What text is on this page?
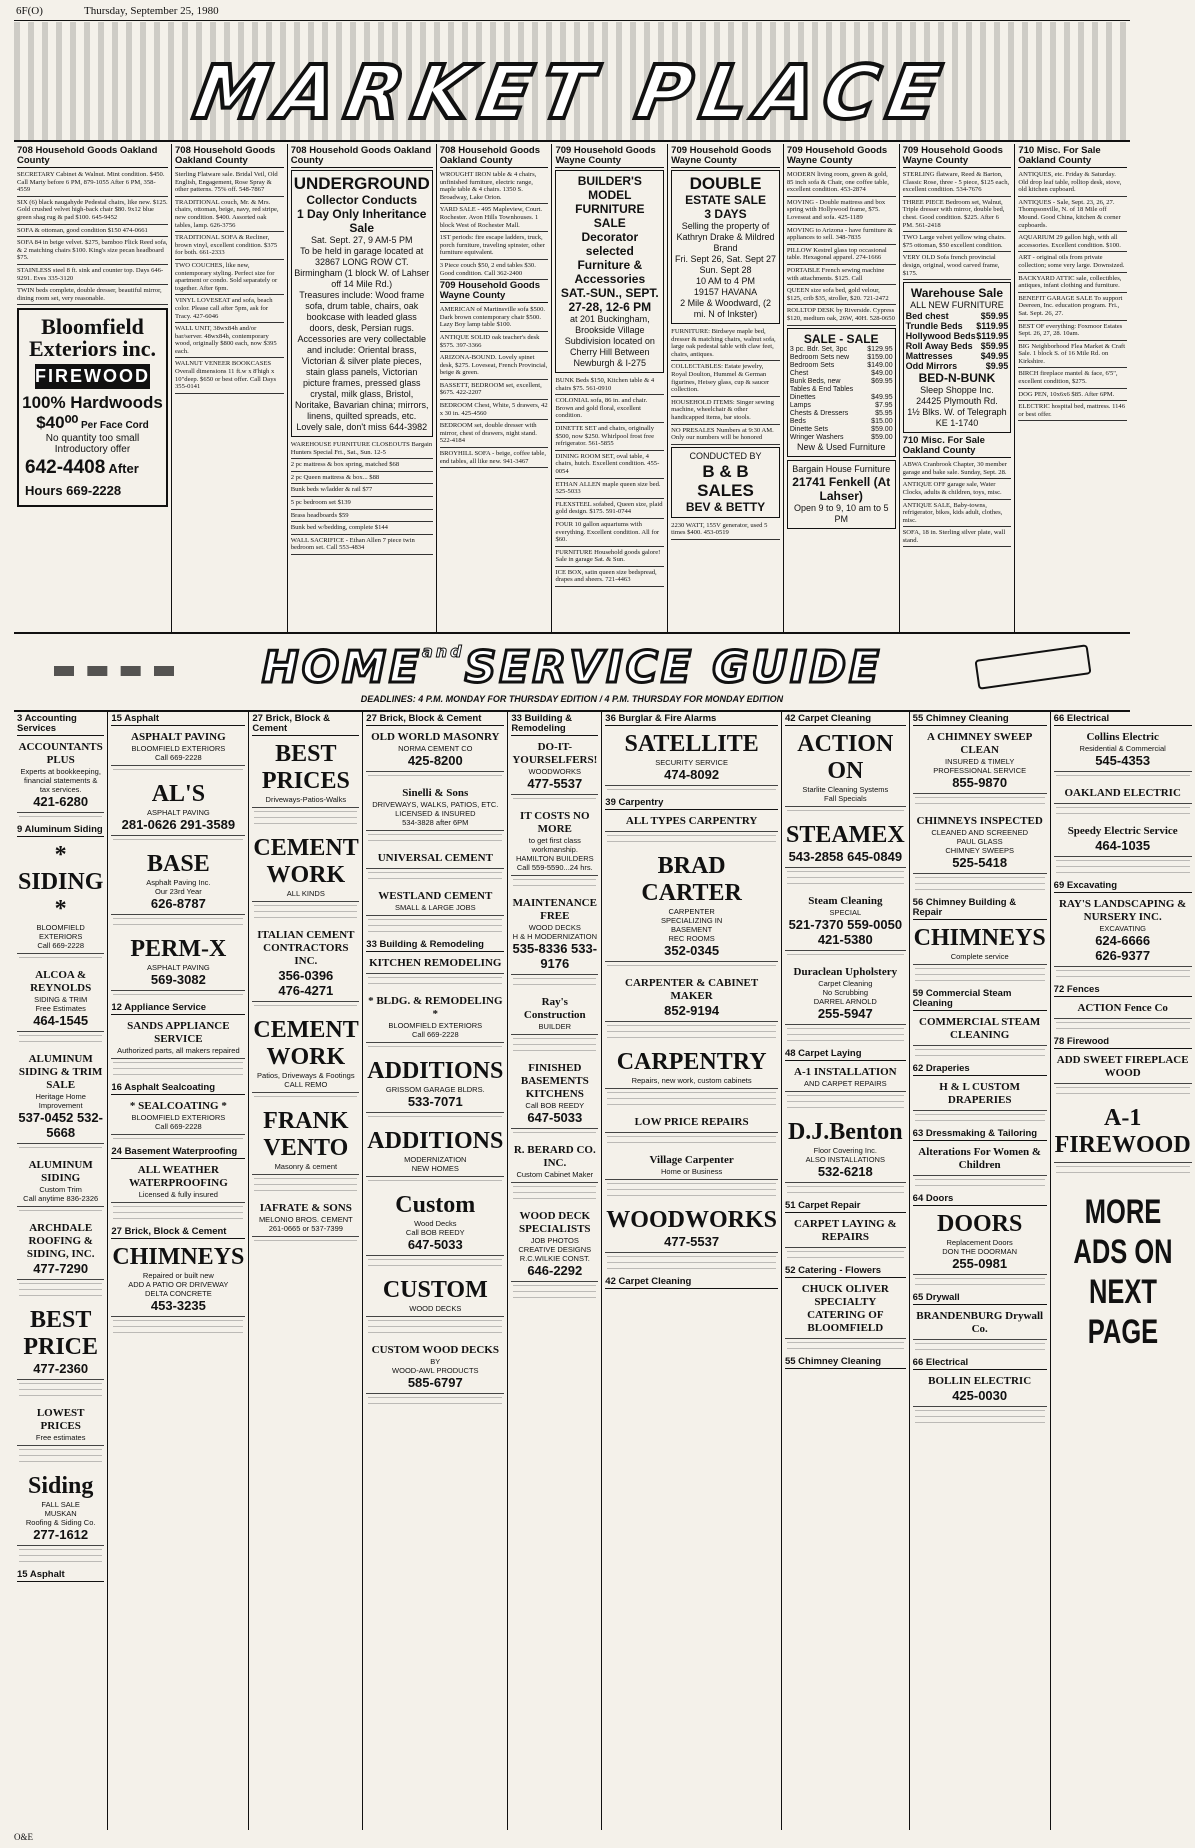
6F(O)	Thursday, September 25, 1980
MARKET PLACE
708 Household Goods Oakland County
SECRETARY Cabinet & Walnut. Mint condition. $450. Call Marty before 6 PM, 879-1055 After 6 PM, 358-4559
SIX (6) black naugahyde Pedestal chairs, like new. $125. Gold crushed velvet high-back chair $80. 9x12 blue green shag rug & pad $100. 645-9452
SOFA & ottoman, good condition $150 474-0661
SOFA 84 in beige velvet. $275, bamboo Flick Reed sofa, & 2 matching chairs $100. King's size pecan headboard $75.
STAINLESS steel 8 ft. sink and counter top. Days 646-9291. Eves 335-3120
TWIN beds complete, double dresser, beautiful mirror, dining room set, very reasonable.
Bloomfield Exteriors inc.
FIREWOOD
100% Hardwoods
$40⁰⁰ Per Face Cord
No quantity too small
Introductory offer
642-4408 After Hours 669-2228
708 Household Goods Oakland County
Sterling Flatware sale. Bridal Veil, Old English, Engagement, Rose Spray & other patterns. 75% off. 548-7867
TRADITIONAL couch, Mr. & Mrs. chairs, ottoman, beige, navy, red stripe, new condition. $400. Assorted oak tables, lamp. 626-3756
TRADITIONAL SOFA & Recliner, brown vinyl, excellent condition. $375 for both. 661-2333
TWO COUCHES, like new, contemporary styling. Perfect size for apartment or condo. Sold separately or together. After 6pm.
VINYL LOVESEAT and sofa, beach color. Please call after 5pm, ask for Tracy. 427-6046
WALL UNIT, 38wx84h and/or bar/server. 48wx84h, contemporary wood, originally $800 each, now $395 each.
WALNUT VENEER BOOKCASES Overall dimensions 11 ft.w x 8'high x 10"deep. $650 or best offer. Call Days 355-0141
708 Household Goods Oakland County
UNDERGROUND
Collector Conducts
1 Day Only Inheritance Sale
Sat. Sept. 27, 9 AM-5 PM
To be held in garage located at 32867 LONG ROW CT. Birmingham (1 block W. of Lahser off 14 Mile Rd.)
Treasures include: Wood frame sofa, drum table, chairs, oak bookcase with leaded glass doors, desk, Persian rugs. Accessories are very collectable and include: Oriental brass, Victorian & silver plate pieces, stain glass panels, Victorian picture frames, pressed glass crystal, milk glass, Bristol, Noritake, Bavarian china; mirrors, linens, quilted spreads, etc. Lovely sale, don't miss 644-3982
WAREHOUSE FURNITURE CLOSEOUTS Bargain Hunters Special Fri., Sat., Sun. 12-5
2 pc mattress & box spring, matched $68
2 pc Queen mattress & box... $88
Bunk beds w/ladder & rail $77
5 pc bedroom set $139
Brass headboards $59
Bunk bed w/bedding, complete $144
WALL SACRIFICE - Ethan Allen 7 piece twin bedroom set. Call 553-4834
708 Household Goods Oakland County
WROUGHT IRON table & 4 chairs, unfinished furniture, electric range, maple table & 4 chairs. 1350 S. Broadway, Lake Orion.
YARD SALE - 495 Mapleview, Court. Rochester. Avon Hills Townhouses. 1 block West of Rochester Mall.
1ST periods: fire escape ladders, truck, porch furniture, traveling spinster, other furniture equivalent.
3 Piece couch $50, 2 end tables $30. Good condition. Call 362-2400
709 Household Goods Wayne County
AMERICAN of Martinsville sofa $500. Dark brown contemporary chair $500. Lazy Boy lamp table $100.
ANTIQUE SOLID oak teacher's desk $575. 397-3366
ARIZONA-BOUND. Lovely spinet desk, $275. Loveseat, French Provincial, beige & green.
BASSETT, BEDROOM set, excellent, $675. 422-2207
BEDROOM Chest, White, 5 drawers, 42 x 30 in. 425-4560
BEDROOM set, double dresser with mirror, chest of drawers, night stand. 522-4184
BROYHILL SOFA - beige, coffee table, end tables, all like new. 941-3467
709 Household Goods Wayne County
BUILDER'S MODEL FURNITURE SALE
Decorator selected Furniture & Accessories
SAT.-SUN., SEPT. 27-28, 12-6 PM
at 201 Buckingham, Brookside Village Subdivision located on Cherry Hill Between Newburgh & I-275
BUNK Beds $150, Kitchen table & 4 chairs $75. 561-0910
COLONIAL sofa, 86 in. and chair. Brown and gold floral, excellent condition.
DINETTE SET and chairs, originally $500, now $250. Whirlpool frost free refrigerator. 561-5855
DINING ROOM SET, oval table, 4 chairs, hutch. Excellent condition. 455-0054
ETHAN ALLEN maple queen size bed. 525-5033
FLEXSTEEL sofabed, Queen size, plaid gold design. $175. 591-0744
FOUR 10 gallon aquariums with everything. Excellent condition. All for $60.
FURNITURE Household goods galore! Sale in garage Sat. & Sun.
ICE BOX, satin queen size bedspread, drapes and sheers. 721-4463
709 Household Goods Wayne County
DOUBLE
ESTATE SALE
3 DAYS
Selling the property of Kathryn Drake & Mildred Brand
Fri. Sept 26, Sat. Sept 27 Sun. Sept 28
10 AM to 4 PM
19157 HAVANA
2 Mile & Woodward, (2 mi. N of Inkster)
FURNITURE: Birdseye maple bed, dresser & matching chairs, walnut sofa, large oak pedestal table with claw feet, chairs, antiques.
COLLECTABLES: Estate jewelry, Royal Doulton, Hummel & German figurines, Heisey glass, cup & saucer collection.
HOUSEHOLD ITEMS: Singer sewing machine, wheelchair & other handicapped items, bar stools.
NO PRESALES Numbers at 9:30 AM. Only our numbers will be honored
CONDUCTED BY
B & B SALES
BEV & BETTY
2230 WATT, 155V generator, used 5 times $400. 453-0519
709 Household Goods Wayne County
MODERN living room, green & gold, 85 inch sofa & Chair, one coffee table, excellent condition. 453-2874
MOVING - Double mattress and box spring with Hollywood frame, $75. Loveseat and sofa. 425-1189
MOVING to Arizona - have furniture & appliances to sell. 348-7835
PILLOW Kestrel glass top occasional table. Hexagonal apparel. 274-1666
PORTABLE French sewing machine with attachments. $125. Call
QUEEN size sofa bed, gold velour, $125, crib $35, stroller, $20. 721-2472
ROLLTOP DESK by Riverside. Cypress $120, medium oak, 26W, 40H. 528-0650
SALE - SALE
3 pc. Bdr. Set, 3pc	$129.95
Bedroom Sets new	$159.00
Bedroom Sets	$149.00
Chest	$49.00
Bunk Beds, new	$69.95
Tables & End Tables
Dinettes	$49.95
Lamps	$7.95
Chests & Dressers	$5.95
Beds	$15.00
Dinette Sets	$59.00
Wringer Washers	$59.00
New & Used Furniture
Bargain House Furniture
21741 Fenkell (At Lahser)
Open 9 to 9, 10 am to 5 PM
709 Household Goods Wayne County
STERLING flatware, Reed & Barton, Classic Rose, three - 5 piece, $125 each, excellent condition. 534-7676
THREE PIECE Bedroom set, Walnut, Triple dresser with mirror, double bed, chest. Good condition. $225. After 6 PM. 561-2418
TWO Large velvet yellow wing chairs. $75 ottoman, $50 excellent condition.
VERY OLD Sofa french provincial design, original, wood carved frame, $175.
Warehouse Sale
ALL NEW FURNITURE
Bed chest	$59.95
Trundle Beds $119.95
Hollywood Beds $119.95
Roll Away Beds $59.95
Mattresses	$49.95
Odd Mirrors	$9.95
BED-N-BUNK
Sleep Shoppe Inc.
24425 Plymouth Rd.
1½ Blks. W. of Telegraph
KE 1-1740
710 Misc. For Sale Oakland County
ABWA Cranbrook Chapter, 30 member garage and bake sale. Sunday, Sept. 28.
ANTIQUE OFF garage sale, Water Clocks, adults & children, toys, misc.
ANTIQUE SALE, Baby-towns, refrigerator, bikes, kids adult, clothes, misc.
SOFA, 18 in. Sterling silver plate, wall stand.
710 Misc. For Sale Oakland County
ANTIQUES, etc. Friday & Saturday. Old drop leaf table, rolltop desk, stove, old kitchen cupboard.
ANTIQUES - Sale, Sept. 23, 26, 27. Thompsonville, N. of 18 Mile off Mound. Good China, kitchen & corner cupboards.
AQUARIUM 29 gallon high, with all accessories. Excellent condition. $100.
ART - original oils from private collection; some very large. Downsized.
BACKYARD ATTIC sale, collectibles, antiques, infant clothing and furniture.
BENEFIT GARAGE SALE To support Deereen, Inc. education program. Fri., Sat. Sept. 26, 27.
BEST OF everything: Foxmoor Estates Sept. 26, 27, 28. 10am.
BIG Neighborhood Flea Market & Craft Sale. 1 block S. of 16 Mile Rd. on Kirkshire.
BIRCH fireplace mantel & face, 6'5", excellent condition, $275.
DOG PEN, 10x6x6 $85. After 6PM.
ELECTRIC hospital bed, mattress. 1146 or best offer.
$HOME^{and}SERVICE$ GUIDE
DEADLINES: 4 P.M. MONDAY FOR THURSDAY EDITION / 4 P.M. THURSDAY FOR MONDAY EDITION
3 Accounting Services
ACCOUNTANTS PLUS
Experts at bookkeeping, financial statements & tax services.
421-6280
9 Aluminum Siding
* SIDING *
BLOOMFIELD EXTERIORS
Call 669-2228
ALCOA & REYNOLDS
SIDING & TRIM
Free Estimates
464-1545
ALUMINUM SIDING & TRIM SALE
Heritage Home Improvement
537-0452 532-5668
ALUMINUM SIDING
Custom Trim
Call anytime 836-2326
ARCHDALE ROOFING & SIDING, INC.
477-7290
BEST PRICE
477-2360
LOWEST PRICES
Free estimates
Siding
FALL SALE
MUSKAN
Roofing & Siding Co.
277-1612
15 Asphalt
15 Asphalt
ASPHALT PAVING
BLOOMFIELD EXTERIORS
Call 669-2228
AL'S
ASPHALT PAVING
281-0626 291-3589
BASE
Asphalt Paving Inc.
Our 23rd Year
626-8787
PERM-X
ASPHALT PAVING
569-3082
12 Appliance Service
SANDS APPLIANCE SERVICE
Authorized parts, all makers repaired
16 Asphalt Sealcoating
* SEALCOATING *
BLOOMFIELD EXTERIORS
Call 669-2228
24 Basement Waterproofing
ALL WEATHER WATERPROOFING
Licensed & fully insured
27 Brick, Block & Cement
CHIMNEYS
Repaired or built new
ADD A PATIO OR DRIVEWAY
DELTA CONCRETE
453-3235
27 Brick, Block & Cement
BEST PRICES
Driveways-Patios-Walks
CEMENT WORK
ALL KINDS
ITALIAN CEMENT CONTRACTORS INC.
356-0396
476-4271
CEMENT WORK
Patios, Driveways & Footings
CALL REMO
FRANK VENTO
Masonry & cement
IAFRATE & SONS
MELONIO BROS. CEMENT
261-0665 or 537-7399
27 Brick, Block & Cement
OLD WORLD MASONRY
NORMA CEMENT CO
425-8200
Sinelli & Sons
DRIVEWAYS, WALKS, PATIOS, ETC.
LICENSED & INSURED
534-3828 after 6PM
UNIVERSAL CEMENT
WESTLAND CEMENT
SMALL & LARGE JOBS
33 Building & Remodeling
KITCHEN REMODELING
* BLDG. & REMODELING *
BLOOMFIELD EXTERIORS
Call 669-2228
ADDITIONS
GRISSOM GARAGE BLDRS.
533-7071
ADDITIONS
MODERNIZATION
NEW HOMES
Custom
Wood Decks
Call BOB REEDY
647-5033
CUSTOM
WOOD DECKS
CUSTOM WOOD DECKS
BY
WOOD-AWL PRODUCTS
585-6797
33 Building & Remodeling
DO-IT-YOURSELFERS!
WOODWORKS
477-5537
IT COSTS NO MORE
to get first class workmanship.
HAMILTON BUILDERS
Call 559-5590...24 hrs.
MAINTENANCE FREE
WOOD DECKS
H & H MODERNIZATION
535-8336 533-9176
Ray's Construction
BUILDER
FINISHED BASEMENTS KITCHENS
Call BOB REEDY
647-5033
R. BERARD CO. INC.
Custom Cabinet Maker
WOOD DECK SPECIALISTS
JOB PHOTOS
CREATIVE DESIGNS
R.C.WILKIE CONST.
646-2292
36 Burglar & Fire Alarms
SATELLITE
SECURITY SERVICE
474-8092
39 Carpentry
ALL TYPES CARPENTRY
BRAD CARTER
CARPENTER
SPECIALIZING IN
BASEMENT
REC ROOMS
352-0345
CARPENTER & CABINET MAKER
852-9194
CARPENTRY
Repairs, new work, custom cabinets
LOW PRICE REPAIRS
Village Carpenter
Home or Business
WOODWORKS
477-5537
42 Carpet Cleaning
42 Carpet Cleaning
ACTION ON
Starlite Cleaning Systems
Fall Specials
STEAMEX
543-2858 645-0849
Steam Cleaning
SPECIAL
521-7370 559-0050 421-5380
Duraclean Upholstery
Carpet Cleaning
No Scrubbing
DARREL ARNOLD
255-5947
48 Carpet Laying
A-1 INSTALLATION
AND CARPET REPAIRS
D.J.Benton
Floor Covering Inc.
ALSO INSTALLATIONS
532-6218
51 Carpet Repair
CARPET LAYING & REPAIRS
52 Catering - Flowers
CHUCK OLIVER SPECIALTY CATERING OF BLOOMFIELD
55 Chimney Cleaning
55 Chimney Cleaning
A CHIMNEY SWEEP CLEAN
INSURED & TIMELY
PROFESSIONAL SERVICE
855-9870
CHIMNEYS INSPECTED
CLEANED AND SCREENED
PAUL GLASS
CHIMNEY SWEEPS
525-5418
56 Chimney Building & Repair
CHIMNEYS
Complete service
59 Commercial Steam Cleaning
COMMERCIAL STEAM CLEANING
62 Draperies
H & L CUSTOM DRAPERIES
63 Dressmaking & Tailoring
Alterations For Women & Children
64 Doors
DOORS
Replacement Doors
DON THE DOORMAN
255-0981
65 Drywall
BRANDENBURG Drywall Co.
66 Electrical
BOLLIN ELECTRIC
425-0030
66 Electrical
Collins Electric
Residential & Commercial
545-4353
OAKLAND ELECTRIC
Speedy Electric Service
464-1035
69 Excavating
RAY'S LANDSCAPING & NURSERY INC.
EXCAVATING
624-6666
626-9377
72 Fences
ACTION Fence Co
78 Firewood
ADD SWEET FIREPLACE WOOD
A-1 FIREWOOD
MORE ADS ON NEXT PAGE
O&E
